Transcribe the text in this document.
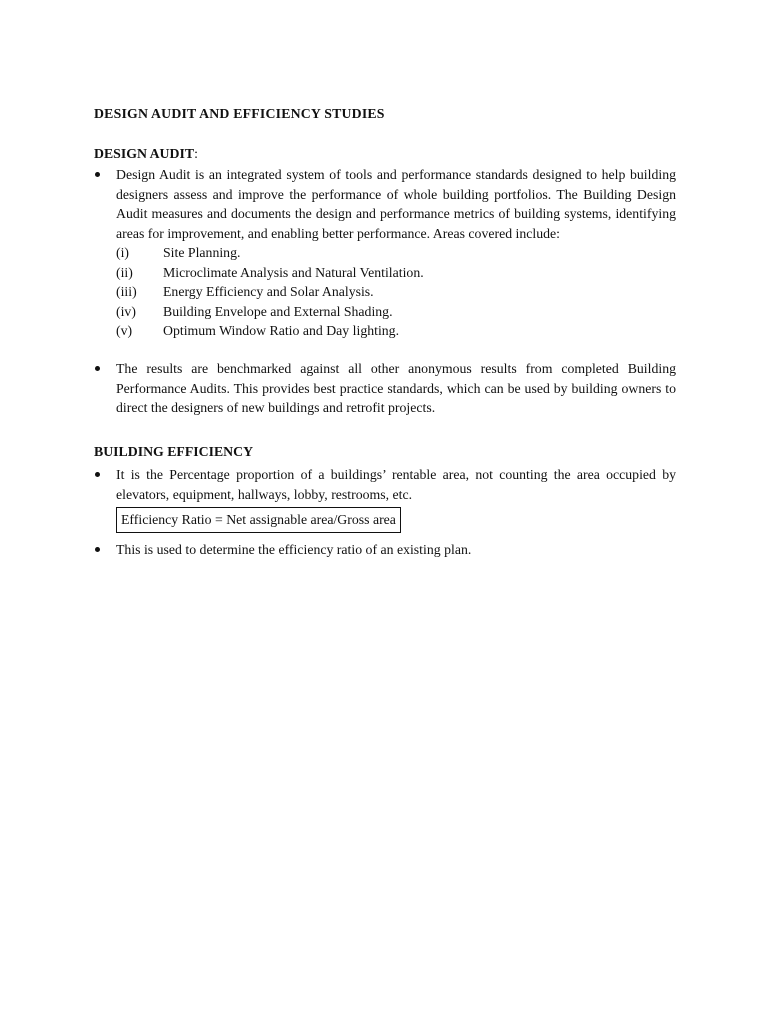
DESIGN AUDIT AND EFFICIENCY STUDIES
DESIGN AUDIT:
Design Audit is an integrated system of tools and performance standards designed to help building designers assess and improve the performance of whole building portfolios. The Building Design Audit measures and documents the design and performance metrics of building systems, identifying areas for improvement, and enabling better performance. Areas covered include:
(i)	Site Planning.
(ii)	Microclimate Analysis and Natural Ventilation.
(iii)	Energy Efficiency and Solar Analysis.
(iv)	Building Envelope and External Shading.
(v)	Optimum Window Ratio and Day lighting.
The results are benchmarked against all other anonymous results from completed Building Performance Audits. This provides best practice standards, which can be used by building owners to direct the designers of new buildings and retrofit projects.
BUILDING EFFICIENCY
It is the Percentage proportion of a buildings’ rentable area, not counting the area occupied by elevators, equipment, hallways, lobby, restrooms, etc.
Efficiency Ratio = Net assignable area/Gross area
This is used to determine the efficiency ratio of an existing plan.
